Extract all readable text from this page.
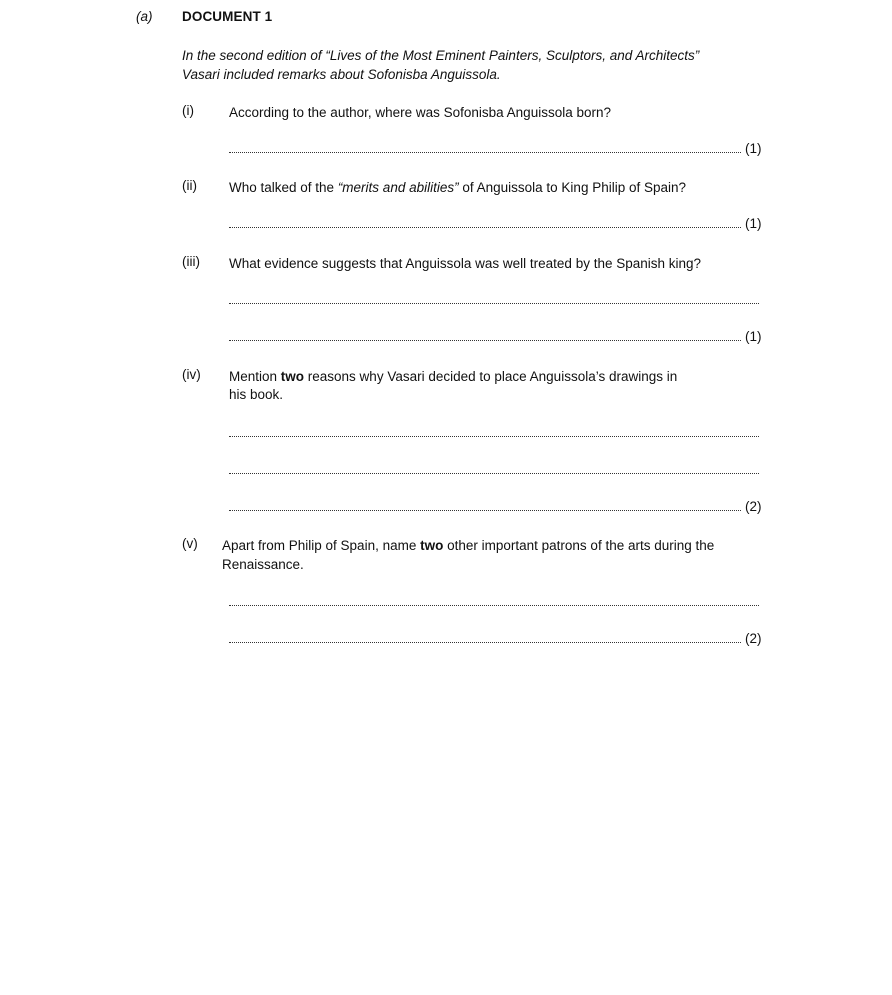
(a) DOCUMENT 1
In the second edition of “Lives of the Most Eminent Painters, Sculptors, and Architects”
Vasari included remarks about Sofonisba Anguissola.
(i)	According to the author, where was Sofonisba Anguissola born?
(1)
(ii) Who talked of the “merits and abilities” of Anguissola to King Philip of Spain?
(1)
(iii) What evidence suggests that Anguissola was well treated by the Spanish king?
(1)
(iv) Mention two reasons why Vasari decided to place Anguissola’s drawings in
his book.
(2)
(v) Apart from Philip of Spain, name two other important patrons of the arts during the
Renaissance.
(2)
